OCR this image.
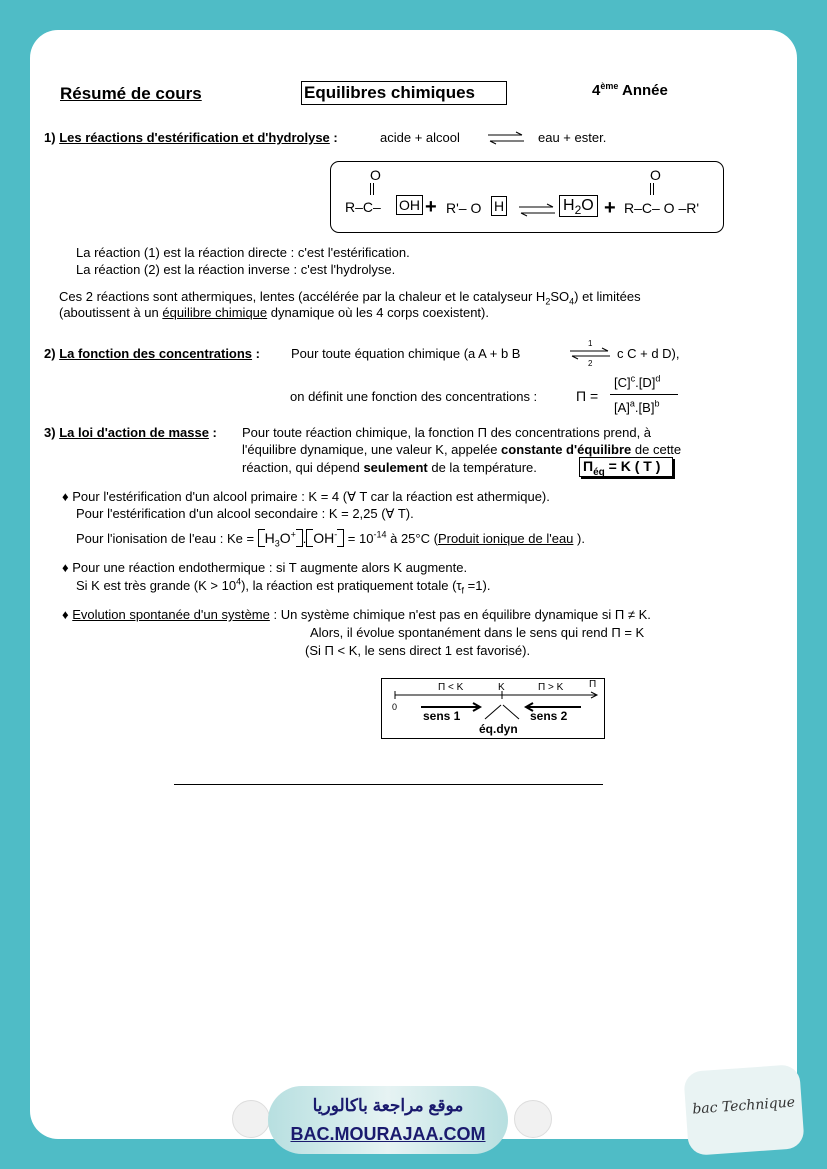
Résumé de cours	Equilibres chimiques	4ème Année
1) Les réactions d'estérification et d'hydrolyse :	acide + alcool ⇌ eau + ester.
O
R–C– OH + R'– O H	$H_2O$ +
O
R–C– O –R'
La réaction (1) est la réaction directe : c'est l'estérification.
La réaction (2) est la réaction inverse : c'est l'hydrolyse.
Ces 2 réactions sont athermiques, lentes (accélérée par la chaleur et le catalyseur $H_2SO_4$) et limitées
(aboutissent à un équilibre chimique dynamique où les 4 corps coexistent).
2) La fonction des concentrations : Pour toute équation chimique (a A + b B
1
2
c C + d D),
on définit une fonction des concentrations :	Π =
$[C]^c.[D]^d$
$[A]^a.[B]^b$
3) La loi d'action de masse : Pour toute réaction chimique, la fonction Π des concentrations prend, à
l'équilibre dynamique, une valeur K, appelée constante d'équilibre de cette
réaction, qui dépend seulement de la température.	$\Pi_{éq} = K$ ( T )
♦ Pour l'estérification d'un alcool primaire : K = 4 (∀ T car la réaction est athermique).
Pour l'estérification d'un alcool secondaire : K = 2,25 (∀ T).
Pour l'ionisation de l'eau : $Ke = H_3O^+$ . $OH^- = 10^{-14}$ à 25°C (Produit ionique de l'eau ).
♦ Pour une réaction endothermique : si T augmente alors K augmente.
Si K est très grande $(K > 10^4)$, la réaction est pratiquement totale $(\tau_f =1)$.
♦ Evolution spontanée d'un système : Un système chimique n'est pas en équilibre dynamique si Π ≠ K.
Alors, il évolue spontanément dans le sens qui rend Π = K
(Si Π < K, le sens direct 1 est favorisé).
Π < K	K	Π > K	Π
0
sens 1	sens 2
éq.dyn
موقع مراجعة باكالوريا
BAC.MOURAJAA.COM
bac Technique
